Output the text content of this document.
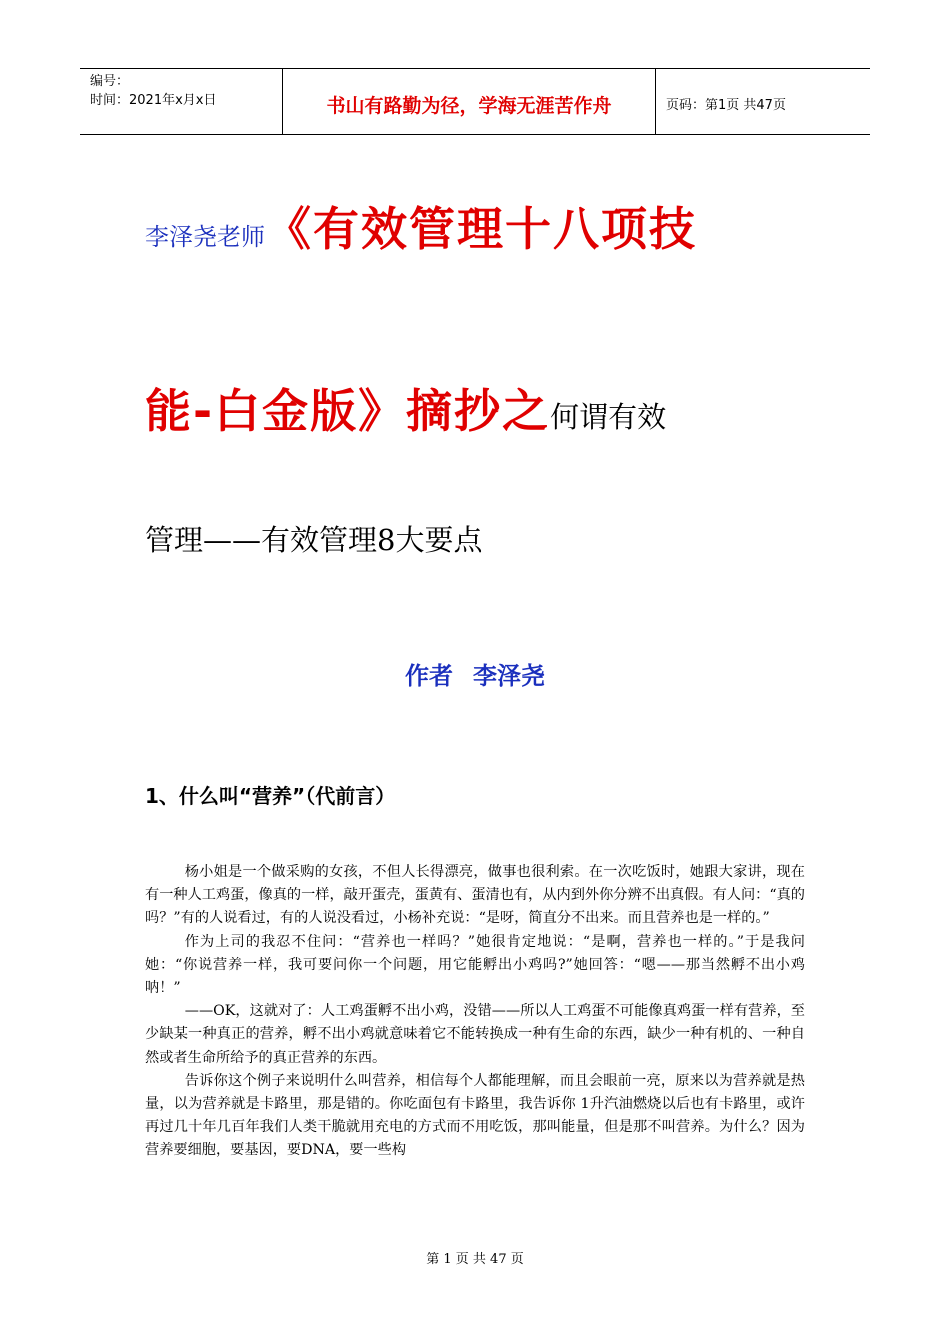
编号：
时间：2021年x月x日	书山有路勤为径，学海无涯苦作舟	页码：第1页 共47页
李泽尧老师《有效管理十八项技
能-白金版》摘抄之何谓有效
管理——有效管理8大要点
作者 李泽尧
1、什么叫“营养”（代前言）

杨小姐是一个做采购的女孩，不但人长得漂亮，做事也很利索。在一次吃饭时，她跟大家讲，现在有一种人工鸡蛋，像真的一样，敲开蛋壳，蛋黄有、蛋清也有，从内到外你分辨不出真假。有人问：“真的吗？”有的人说看过，有的人说没看过，小杨补充说：“是呀，简直分不出来。而且营养也是一样的。”

作为上司的我忍不住问：“营养也一样吗？”她很肯定地说：“是啊，营养也一样的。”于是我问她：“你说营养一样，我可要问你一个问题，用它能孵出小鸡吗?”她回答：“嗯——那当然孵不出小鸡呐！”

——OK，这就对了：人工鸡蛋孵不出小鸡，没错——所以人工鸡蛋不可能像真鸡蛋一样有营养，至少缺某一种真正的营养，孵不出小鸡就意味着它不能转换成一种有生命的东西，缺少一种有机的、一种自然或者生命所给予的真正营养的东西。

告诉你这个例子来说明什么叫营养，相信每个人都能理解，而且会眼前一亮，原来以为营养就是热量，以为营养就是卡路里，那是错的。你吃面包有卡路里，我告诉你 1升汽油燃烧以后也有卡路里，或许再过几十年几百年我们人类干脆就用充电的方式而不用吃饭，那叫能量，但是那不叫营养。为什么？因为营养要细胞，要基因，要DNA，要一些构

第 1 页 共 47 页
